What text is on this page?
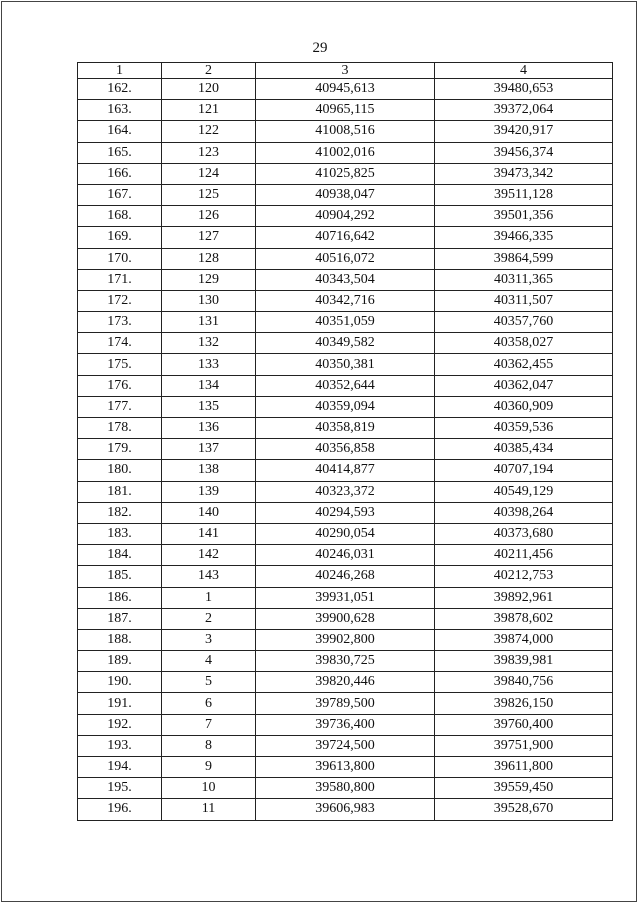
29
1	2	3	4
162.	120	40945,613	39480,653
163.	121	40965,115	39372,064
164.	122	41008,516	39420,917
165.	123	41002,016	39456,374
166.	124	41025,825	39473,342
167.	125	40938,047	39511,128
168.	126	40904,292	39501,356
169.	127	40716,642	39466,335
170.	128	40516,072	39864,599
171.	129	40343,504	40311,365
172.	130	40342,716	40311,507
173.	131	40351,059	40357,760
174.	132	40349,582	40358,027
175.	133	40350,381	40362,455
176.	134	40352,644	40362,047
177.	135	40359,094	40360,909
178.	136	40358,819	40359,536
179.	137	40356,858	40385,434
180.	138	40414,877	40707,194
181.	139	40323,372	40549,129
182.	140	40294,593	40398,264
183.	141	40290,054	40373,680
184.	142	40246,031	40211,456
185.	143	40246,268	40212,753
186.	1	39931,051	39892,961
187.	2	39900,628	39878,602
188.	3	39902,800	39874,000
189.	4	39830,725	39839,981
190.	5	39820,446	39840,756
191.	6	39789,500	39826,150
192.	7	39736,400	39760,400
193.	8	39724,500	39751,900
194.	9	39613,800	39611,800
195.	10	39580,800	39559,450
196.	11	39606,983	39528,670
